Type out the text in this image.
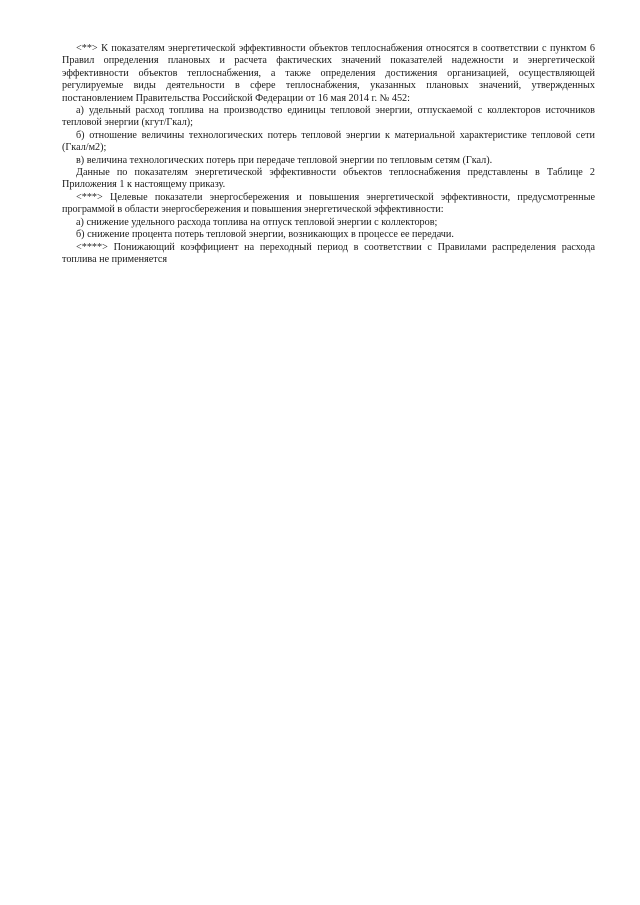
<**> К показателям энергетической эффективности объектов теплоснабжения относятся в соответствии с пунктом 6 Правил определения плановых и расчета фактических значений показателей надежности и энергетической эффективности объектов теплоснабжения, а также определения достижения организацией, осуществляющей регулируемые виды деятельности в сфере теплоснабжения, указанных плановых значений, утвержденных постановлением Правительства Российской Федерации от 16 мая 2014 г. № 452:

а) удельный расход топлива на производство единицы тепловой энергии, отпускаемой с коллекторов источников тепловой энергии (кгут/Гкал);

б) отношение величины технологических потерь тепловой энергии к материальной характеристике тепловой сети (Гкал/м2);

в) величина технологических потерь при передаче тепловой энергии по тепловым сетям (Гкал).

Данные по показателям энергетической эффективности объектов теплоснабжения представлены в Таблице 2 Приложения 1 к настоящему приказу.

<***> Целевые показатели энергосбережения и повышения энергетической эффективности, предусмотренные программой в области энергосбережения и повышения энергетической эффективности:

а) снижение удельного расхода топлива на отпуск тепловой энергии с коллекторов;

б) снижение процента потерь тепловой энергии, возникающих в процессе ее передачи.

<****> Понижающий коэффициент на переходный период в соответствии с Правилами распределения расхода топлива не применяется
